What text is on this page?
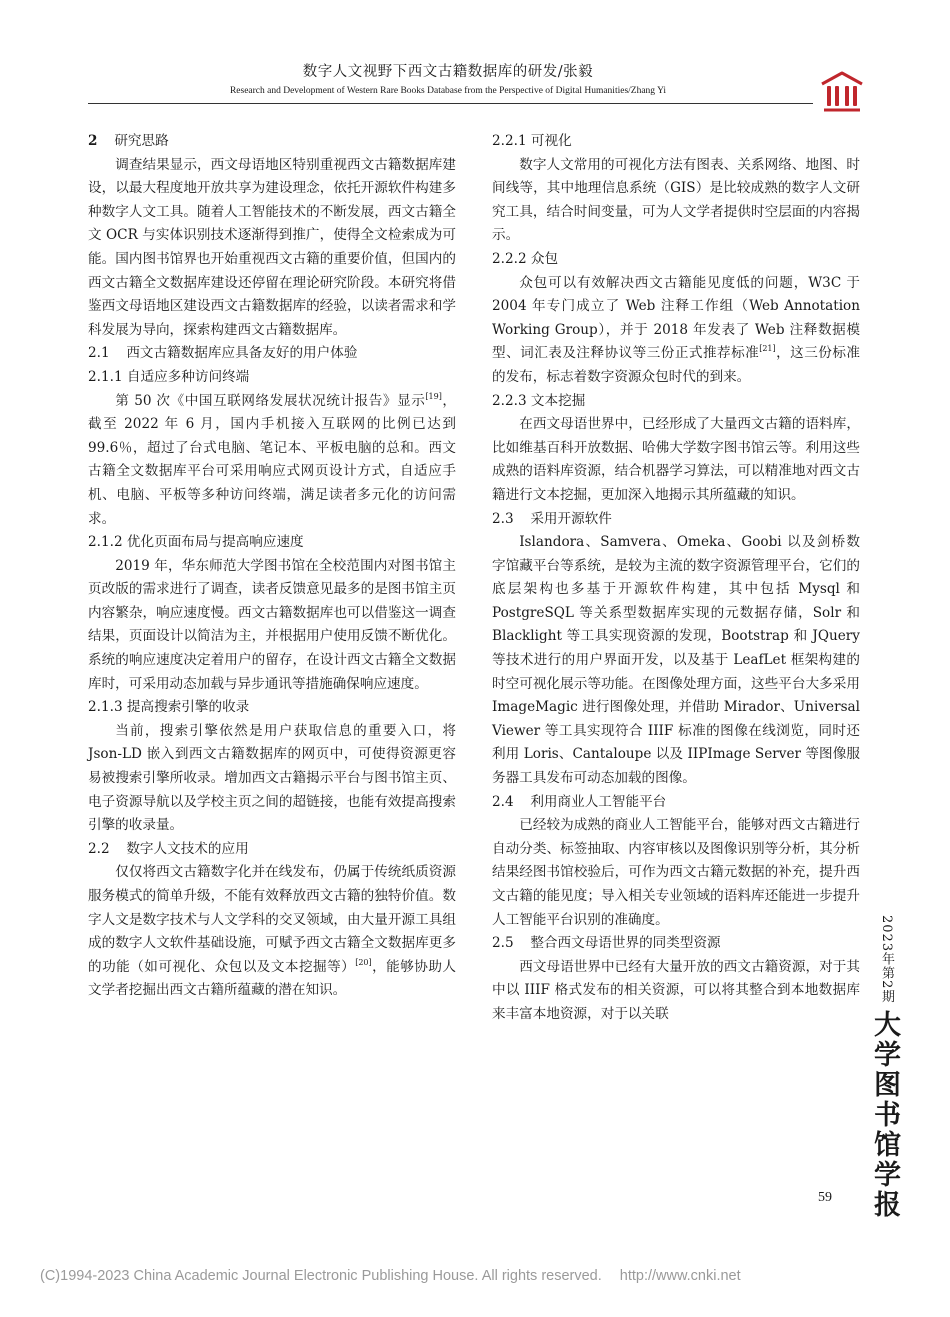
数字人文视野下西文古籍数据库的研发/张毅
Research and Development of Western Rare Books Database from the Perspective of Digital Humanities/Zhang Yi
2 研究思路

调查结果显示，西文母语地区特别重视西文古籍数据库建设，以最大程度地开放共享为建设理念，依托开源软件构建多种数字人文工具。随着人工智能技术的不断发展，西文古籍全文 OCR 与实体识别技术逐渐得到推广，使得全文检索成为可能。国内图书馆界也开始重视西文古籍的重要价值，但国内的西文古籍全文数据库建设还停留在理论研究阶段。本研究将借鉴西文母语地区建设西文古籍数据库的经验，以读者需求和学科发展为导向，探索构建西文古籍数据库。

2.1 西文古籍数据库应具备友好的用户体验
2.1.1 自适应多种访问终端

第 50 次《中国互联网络发展状况统计报告》显示[19]，截至 2022 年 6 月，国内手机接入互联网的比例已达到 99.6％，超过了台式电脑、笔记本、平板电脑的总和。西文古籍全文数据库平台可采用响应式网页设计方式，自适应手机、电脑、平板等多种访问终端，满足读者多元化的访问需求。

2.1.2 优化页面布局与提高响应速度

2019 年，华东师范大学图书馆在全校范围内对图书馆主页改版的需求进行了调查，读者反馈意见最多的是图书馆主页内容繁杂，响应速度慢。西文古籍数据库也可以借鉴这一调查结果，页面设计以简洁为主，并根据用户使用反馈不断优化。系统的响应速度决定着用户的留存，在设计西文古籍全文数据库时，可采用动态加载与异步通讯等措施确保响应速度。

2.1.3 提高搜索引擎的收录

当前，搜索引擎依然是用户获取信息的重要入口，将 Json-LD 嵌入到西文古籍数据库的网页中，可使得资源更容易被搜索引擎所收录。增加西文古籍揭示平台与图书馆主页、电子资源导航以及学校主页之间的超链接，也能有效提高搜索引擎的收录量。

2.2 数字人文技术的应用

仅仅将西文古籍数字化并在线发布，仍属于传统纸质资源服务模式的简单升级，不能有效释放西文古籍的独特价值。数字人文是数字技术与人文学科的交叉领域，由大量开源工具组成的数字人文软件基础设施，可赋予西文古籍全文数据库更多的功能（如可视化、众包以及文本挖掘等）[20]，能够协助人文学者挖掘出西文古籍所蕴藏的潜在知识。

2.2.1 可视化

数字人文常用的可视化方法有图表、关系网络、地图、时间线等，其中地理信息系统（GIS）是比较成熟的数字人文研究工具，结合时间变量，可为人文学者提供时空层面的内容揭示。

2.2.2 众包

众包可以有效解决西文古籍能见度低的问题，W3C 于 2004 年专门成立了 Web 注释工作组（Web Annotation Working Group），并于 2018 年发表了 Web 注释数据模型、词汇表及注释协议等三份正式推荐标准[21]，这三份标准的发布，标志着数字资源众包时代的到来。

2.2.3 文本挖掘

在西文母语世界中，已经形成了大量西文古籍的语料库，比如维基百科开放数据、哈佛大学数字图书馆云等。利用这些成熟的语料库资源，结合机器学习算法，可以精准地对西文古籍进行文本挖掘，更加深入地揭示其所蕴藏的知识。

2.3 采用开源软件

Islandora、Samvera、Omeka、Goobi 以及剑桥数字馆藏平台等系统，是较为主流的数字资源管理平台，它们的底层架构也多基于开源软件构建，其中包括 Mysql 和 PostgreSQL 等关系型数据库实现的元数据存储，Solr 和 Blacklight 等工具实现资源的发现，Bootstrap 和 JQuery 等技术进行的用户界面开发，以及基于 LeafLet 框架构建的时空可视化展示等功能。在图像处理方面，这些平台大多采用 ImageMagic 进行图像处理，并借助 Mirador、Universal Viewer 等工具实现符合 IIIF 标准的图像在线浏览，同时还利用 Loris、Cantaloupe 以及 IIPImage Server 等图像服务器工具发布可动态加载的图像。

2.4 利用商业人工智能平台

已经较为成熟的商业人工智能平台，能够对西文古籍进行自动分类、标签抽取、内容审核以及图像识别等分析，其分析结果经图书馆校验后，可作为西文古籍元数据的补充，提升西文古籍的能见度；导入相关专业领域的语料库还能进一步提升人工智能平台识别的准确度。

2.5 整合西文母语世界的同类型资源

西文母语世界中已经有大量开放的西文古籍资源，对于其中以 IIIF 格式发布的相关资源，可以将其整合到本地数据库来丰富本地资源，对于以关联

2023年第2期
大学图书馆学报
59
(C)1994-2023 China Academic Journal Electronic Publishing House. All rights reserved. http://www.cnki.net
